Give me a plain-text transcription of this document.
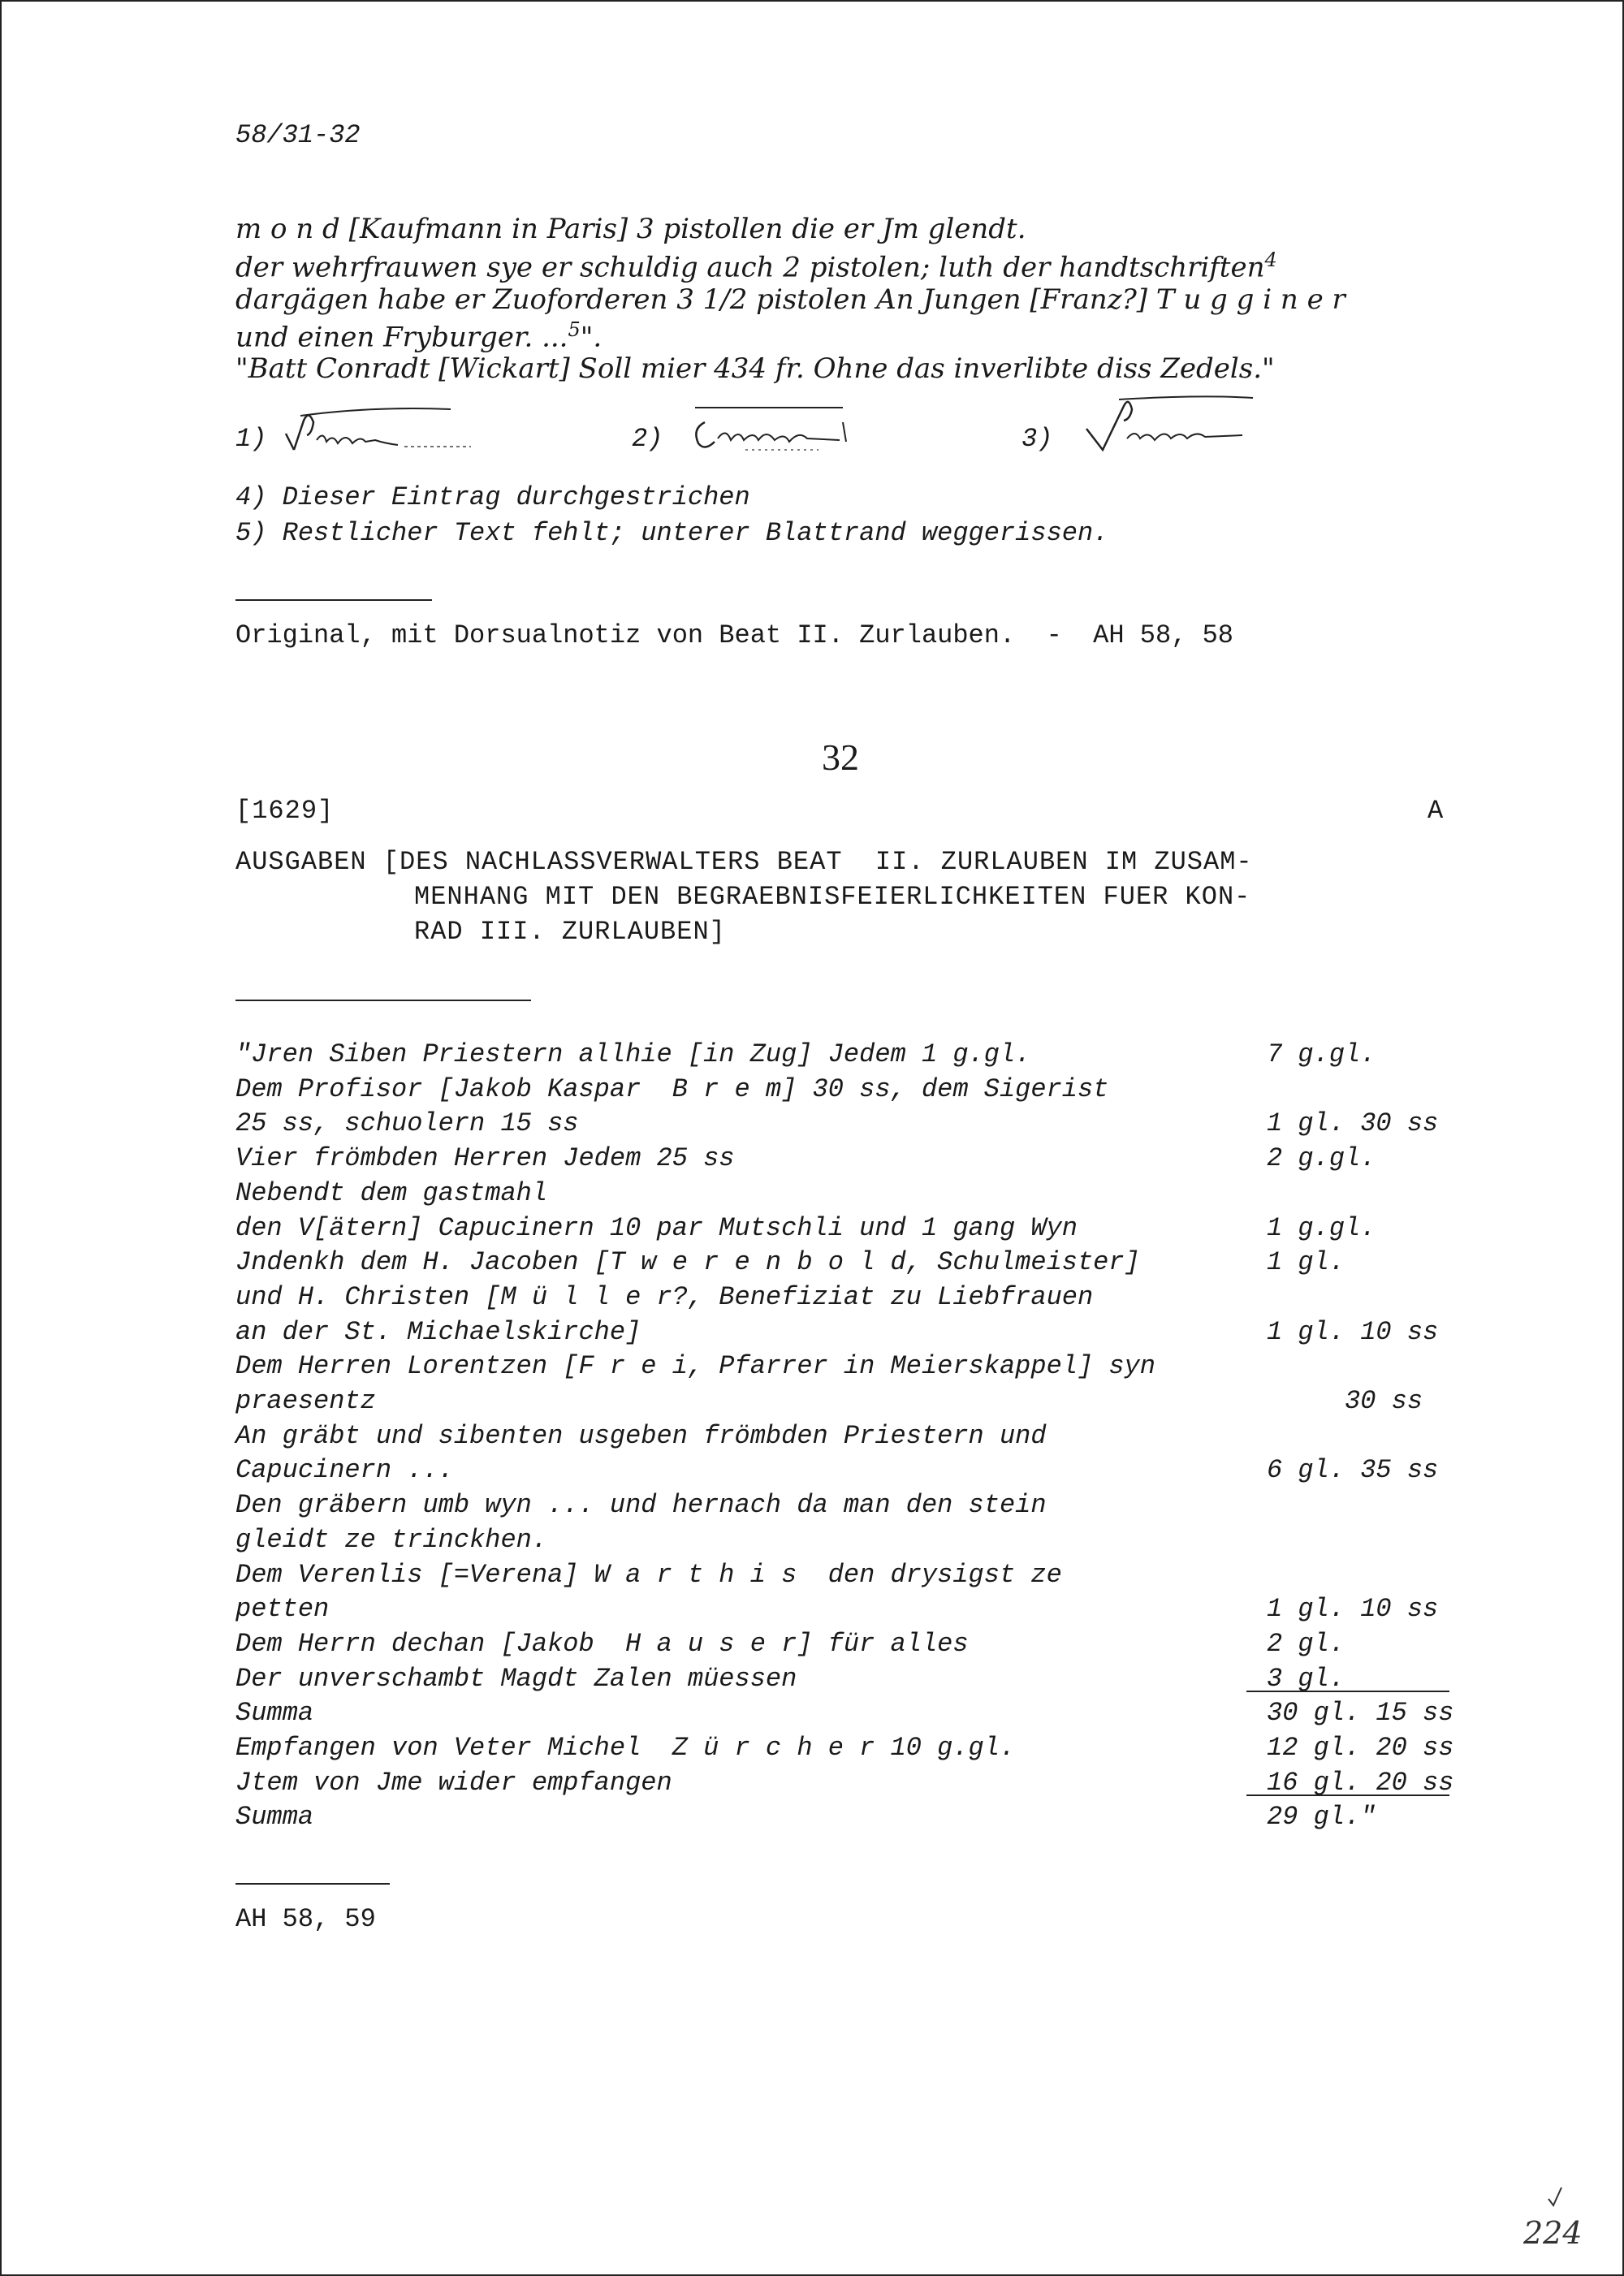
58/31-32
m o n d [Kaufmann in Paris] 3 pistollen die er Jm glendt.
der wehrfrauwen sye er schuldig auch 2 pistolen; luth der handtschriften$^4$
dargägen habe er Zuoforderen 3 1/2 pistolen An Jungen [Franz?] T u g g i n e r
und einen Fryburger. ...$^5$".
"Batt Conradt [Wickart] Soll mier 434 fr. Ohne das inverlibte diss Zedels."
1)	2)	3)
4) Dieser Eintrag durchgestrichen
5) Restlicher Text fehlt; unterer Blattrand weggerissen.
Original, mit Dorsualnotiz von Beat II. Zurlauben.  -  AH 58, 58
32
[1629]	A
AUSGABEN [DES NACHLASSVERWALTERS BEAT  II. ZURLAUBEN IM ZUSAM-
MENHANG MIT DEN BEGRAEBNISFEIERLICHKEITEN FUER KON-
RAD III. ZURLAUBEN]
"Jren Siben Priestern allhie [in Zug] Jedem 1 g.gl.	7 g.gl.
Dem Profisor [Jakob Kaspar  B r e m] 30 ss, dem Sigerist
25 ss, schuolern 15 ss	1 gl. 30 ss
Vier frömbden Herren Jedem 25 ss	2 g.gl.
Nebendt dem gastmahl
den V[ätern] Capucinern 10 par Mutschli und 1 gang Wyn	1 g.gl.
Jndenkh dem H. Jacoben [T w e r e n b o l d, Schulmeister]	1 gl.
und H. Christen [M ü l l e r?, Benefiziat zu Liebfrauen
an der St. Michaelskirche]	1 gl. 10 ss
Dem Herren Lorentzen [F r e i, Pfarrer in Meierskappel] syn
praesentz	30 ss
An gräbt und sibenten usgeben frömbden Priestern und
Capucinern ...	6 gl. 35 ss
Den gräbern umb wyn ... und hernach da man den stein
gleidt ze trinckhen.
Dem Verenlis [=Verena] W a r t h i s  den drysigst ze
petten	1 gl. 10 ss
Dem Herrn dechan [Jakob  H a u s e r] für alles	2 gl.
Der unverschambt Magdt Zalen müessen	3 gl.
Summa	30 gl. 15 ss
Empfangen von Veter Michel  Z ü r c h e r 10 g.gl.	12 gl. 20 ss
Jtem von Jme wider empfangen	16 gl. 20 ss
Summa	29 gl."
AH 58, 59
224
